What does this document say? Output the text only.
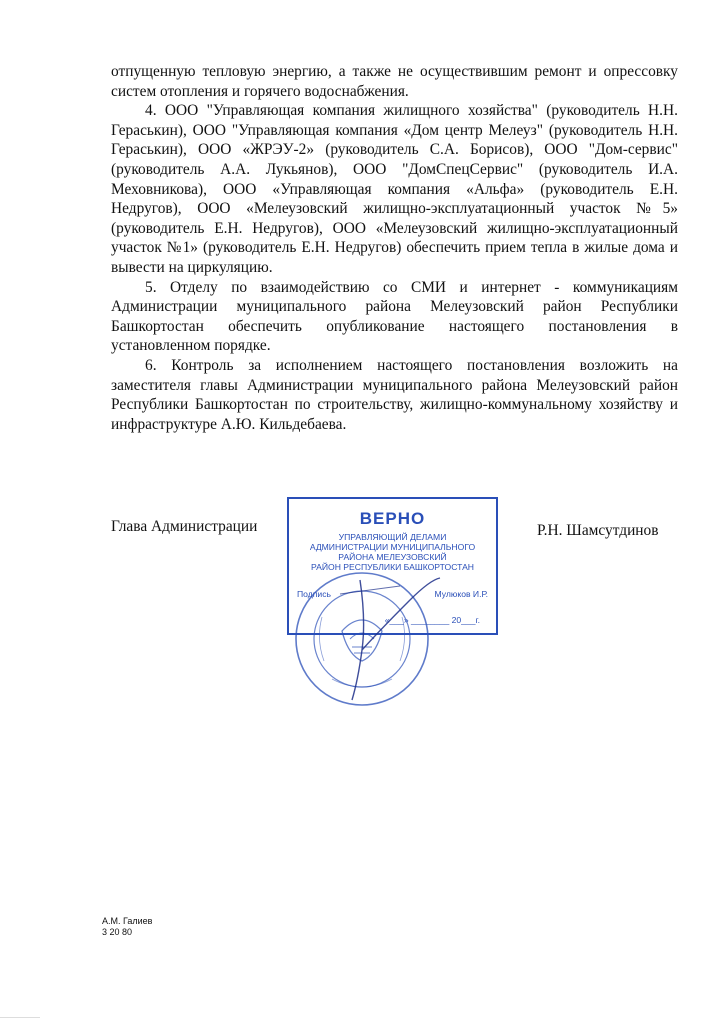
отпущенную тепловую энергию, а также не осуществившим ремонт и опрессовку систем отопления и горячего водоснабжения.

4. ООО "Управляющая компания жилищного хозяйства" (руководитель Н.Н. Гераськин), ООО "Управляющая компания «Дом центр Мелеуз" (руководитель Н.Н. Гераськин), ООО «ЖРЭУ-2» (руководитель С.А. Борисов), ООО "Дом-сервис" (руководитель А.А. Лукьянов), ООО "ДомСпецСервис" (руководитель И.А. Меховникова), ООО «Управляющая компания «Альфа» (руководитель Е.Н. Недругов), ООО «Мелеузовский жилищно-эксплуатационный участок №5» (руководитель Е.Н. Недругов), ООО «Мелеузовский жилищно-эксплуатационный участок №1» (руководитель Е.Н. Недругов) обеспечить прием тепла в жилые дома и вывести на циркуляцию.

5. Отделу по взаимодействию со СМИ и интернет - коммуникациям Администрации муниципального района Мелеузовский район Республики Башкортостан обеспечить опубликование настоящего постановления в установленном порядке.

6. Контроль за исполнением настоящего постановления возложить на заместителя главы Администрации муниципального района Мелеузовский район Республики Башкортостан по строительству, жилищно-коммунальному хозяйству и инфраструктуре А.Ю. Кильдебаева.

Глава Администрации	Р.Н. Шамсутдинов
ВЕРНО
УПРАВЛЯЮЩИЙ ДЕЛАМИ
АДМИНИСТРАЦИИ МУНИЦИПАЛЬНОГО
РАЙОНА МЕЛЕУЗОВСКИЙ
РАЙОН РЕСПУБЛИКИ БАШКОРТОСТАН
Подпись	Мулюков И.Р.
«___» ________ 20___г.
А.М. Галиев
3 20 80
